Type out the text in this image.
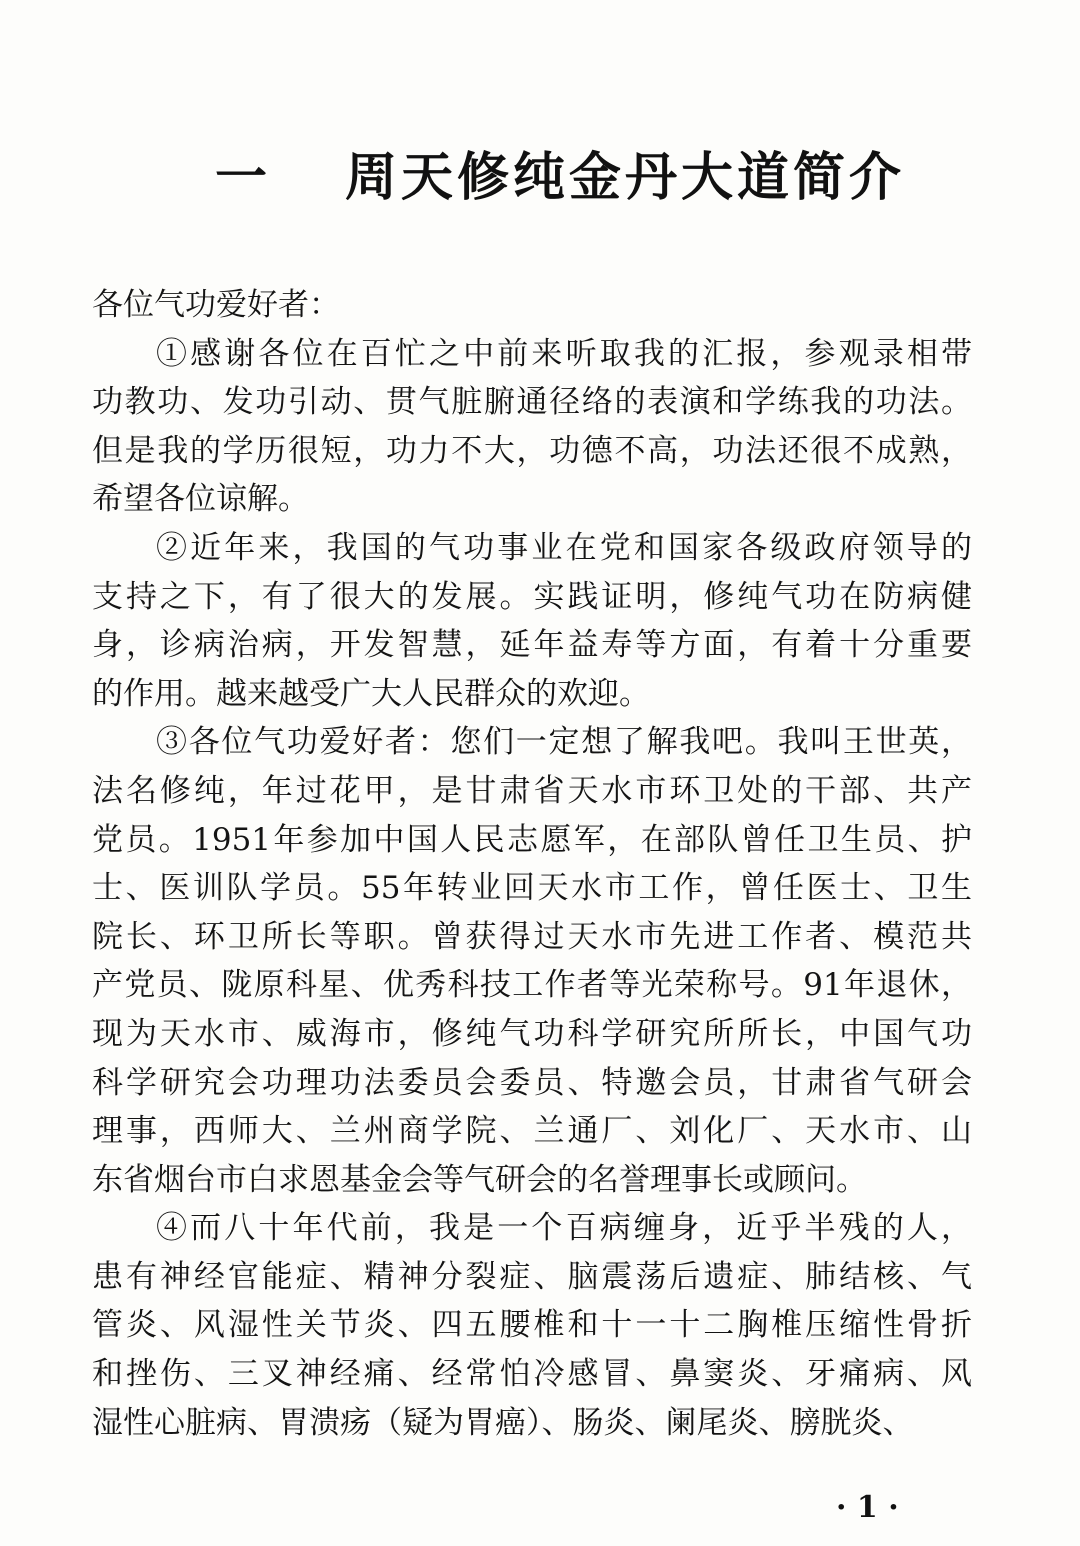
一 周天修纯金丹大道简介
各位气功爱好者：
①感谢各位在百忙之中前来听取我的汇报，参观录相带
功教功、发功引动、贯气脏腑通径络的表演和学练我的功法。
但是我的学历很短，功力不大，功德不高，功法还很不成熟，
希望各位谅解。
②近年来，我国的气功事业在党和国家各级政府领导的
支持之下，有了很大的发展。实践证明，修纯气功在防病健
身，诊病治病，开发智慧，延年益寿等方面，有着十分重要
的作用。越来越受广大人民群众的欢迎。
③各位气功爱好者：您们一定想了解我吧。我叫王世英，
法名修纯，年过花甲，是甘肃省天水市环卫处的干部、共产
党员。1951年参加中国人民志愿军，在部队曾任卫生员、护
士、医训队学员。55年转业回天水市工作，曾任医士、卫生
院长、环卫所长等职。曾获得过天水市先进工作者、模范共
产党员、陇原科星、优秀科技工作者等光荣称号。91年退休，
现为天水市、威海市，修纯气功科学研究所所长，中国气功
科学研究会功理功法委员会委员、特邀会员，甘肃省气研会
理事，西师大、兰州商学院、兰通厂、刘化厂、天水市、山
东省烟台市白求恩基金会等气研会的名誉理事长或顾问。
④而八十年代前，我是一个百病缠身，近乎半残的人，
患有神经官能症、精神分裂症、脑震荡后遗症、肺结核、气
管炎、风湿性关节炎、四五腰椎和十一十二胸椎压缩性骨折
和挫伤、三叉神经痛、经常怕冷感冒、鼻窦炎、牙痛病、风
湿性心脏病、胃溃疡（疑为胃癌）、肠炎、阑尾炎、膀胱炎、
· 1 ·
